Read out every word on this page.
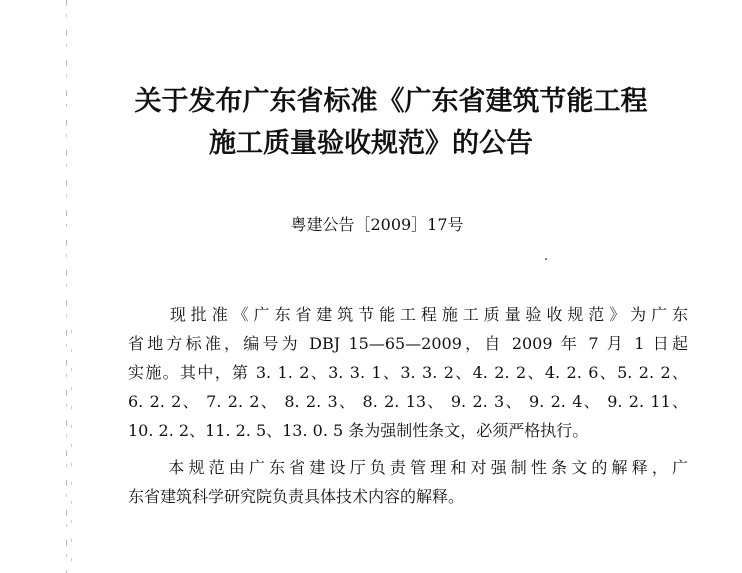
关于发布广东省标准《广东省建筑节能工程
施工质量验收规范》的公告
粤建公告［2009］17号
　　现批准《广东省建筑节能工程施工质量验收规范》为广东
省地方标准，编号为 DBJ 15—65—2009，自 2009 年 7 月 1 日起
实施。其中，第 3. 1. 2、3. 3. 1、3. 3. 2、4. 2. 2、4. 2. 6、5. 2. 2、
6. 2. 2、 7. 2. 2、 8. 2. 3、 8. 2. 13、 9. 2. 3、 9. 2. 4、 9. 2. 11、
10. 2. 2、11. 2. 5、13. 0. 5 条为强制性条文，必须严格执行。
　　本规范由广东省建设厅负责管理和对强制性条文的解释，广
东省建筑科学研究院负责具体技术内容的解释。
